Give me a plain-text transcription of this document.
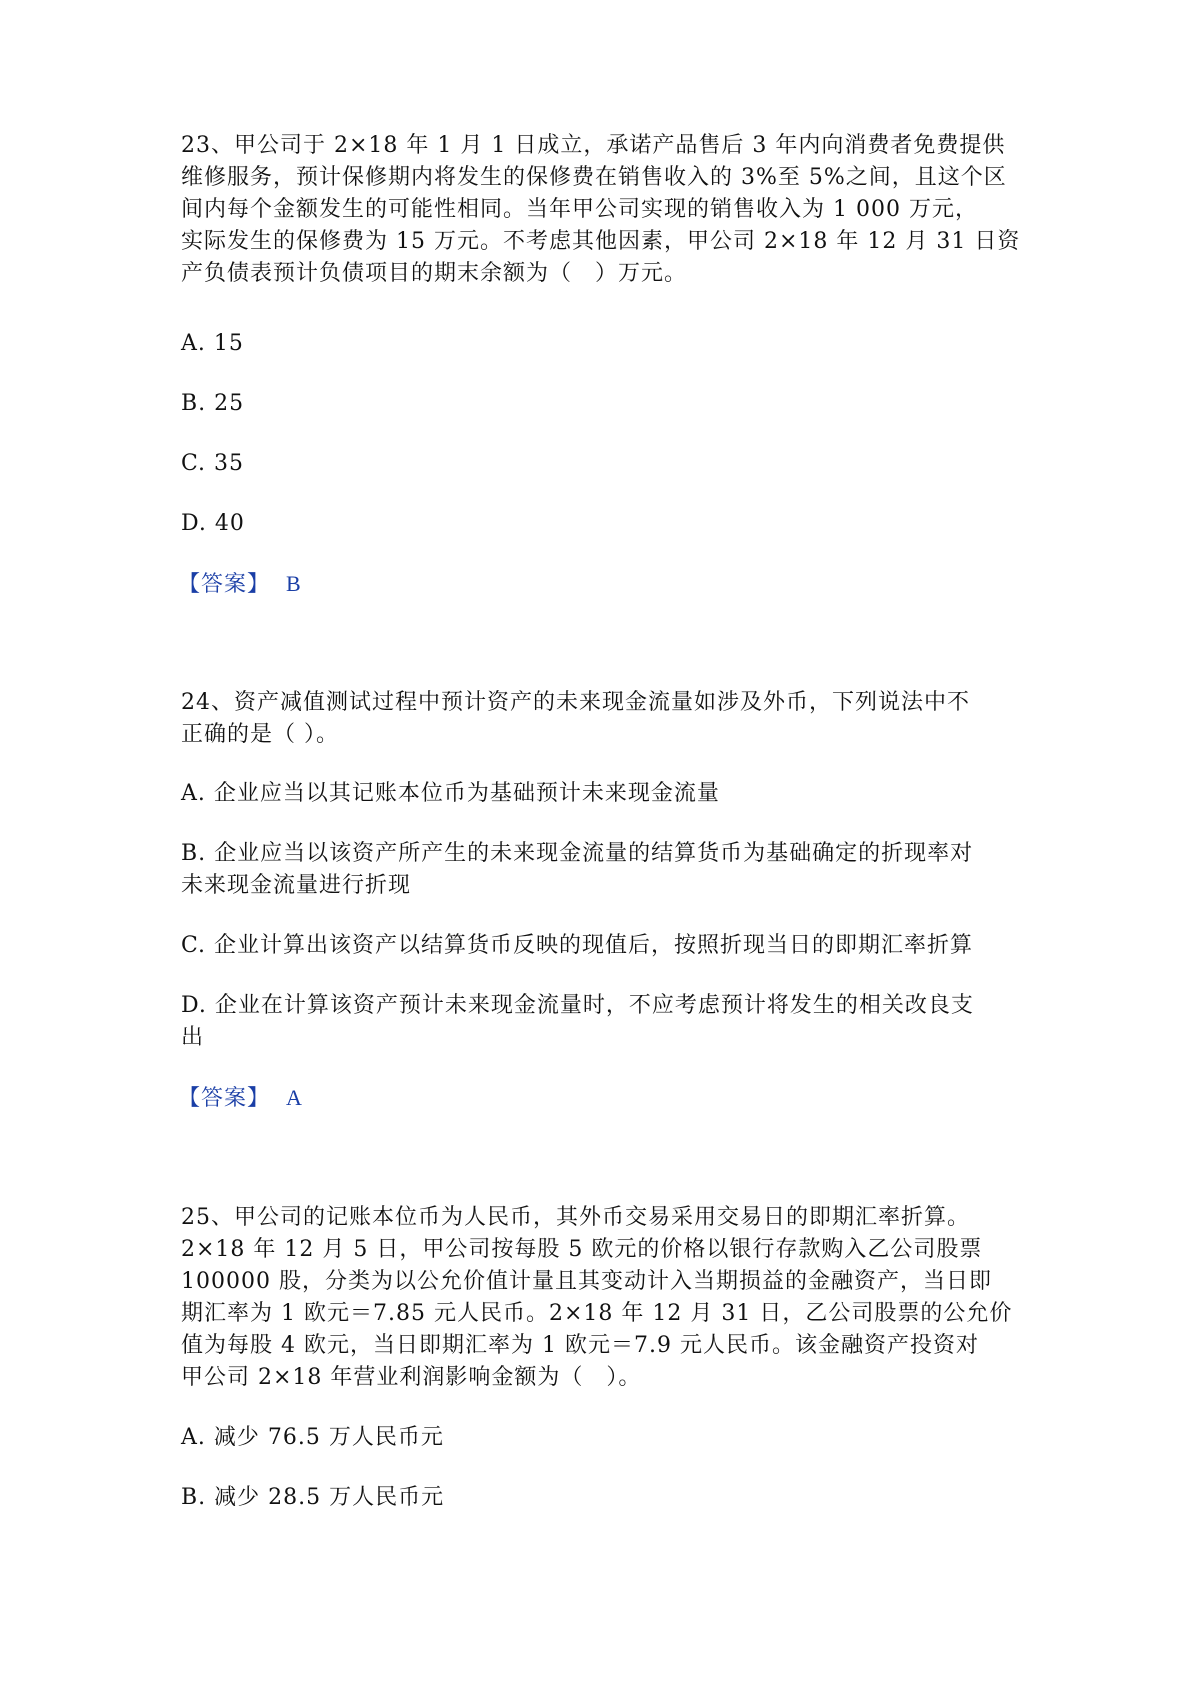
23、甲公司于 2×18 年 1 月 1 日成立，承诺产品售后 3 年内向消费者免费提供
维修服务，预计保修期内将发生的保修费在销售收入的 3%至 5%之间，且这个区
间内每个金额发生的可能性相同。当年甲公司实现的销售收入为 1 000 万元，
实际发生的保修费为 15 万元。不考虑其他因素，甲公司 2×18 年 12 月 31 日资
产负债表预计负债项目的期末余额为（　）万元。
A. 15
B. 25
C. 35
D. 40
【答案】 B
24、资产减值测试过程中预计资产的未来现金流量如涉及外币，下列说法中不
正确的是（ ）。
A. 企业应当以其记账本位币为基础预计未来现金流量
B. 企业应当以该资产所产生的未来现金流量的结算货币为基础确定的折现率对
未来现金流量进行折现
C. 企业计算出该资产以结算货币反映的现值后，按照折现当日的即期汇率折算
D. 企业在计算该资产预计未来现金流量时，不应考虑预计将发生的相关改良支
出
【答案】 A
25、甲公司的记账本位币为人民币，其外币交易采用交易日的即期汇率折算。
2×18 年 12 月 5 日，甲公司按每股 5 欧元的价格以银行存款购入乙公司股票
100000 股，分类为以公允价值计量且其变动计入当期损益的金融资产，当日即
期汇率为 1 欧元＝7.85 元人民币。2×18 年 12 月 31 日，乙公司股票的公允价
值为每股 4 欧元，当日即期汇率为 1 欧元＝7.9 元人民币。该金融资产投资对
甲公司 2×18 年营业利润影响金额为（　）。
A. 减少 76.5 万人民币元
B. 减少 28.5 万人民币元
